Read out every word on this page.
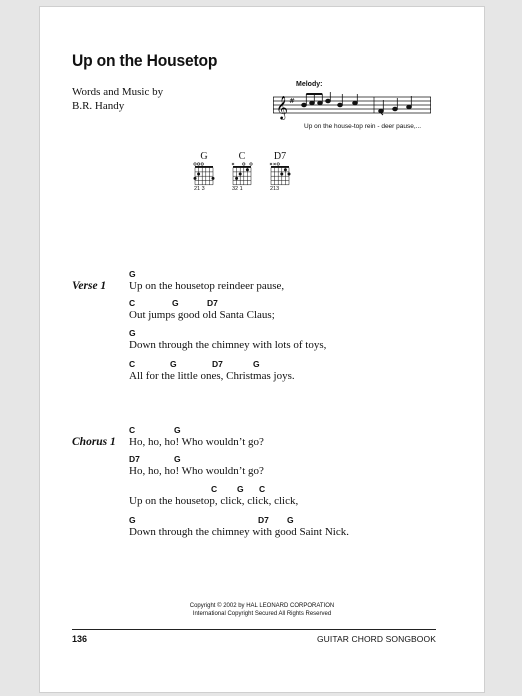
Up on the Housetop
Words and Music by
B.R. Handy
Melody:
𝄞 #
Up on the house-top rein - deer pause,...
G
21 3
C
32 1
D7
213
Verse 1
G
Up on the housetop reindeer pause,
C	G	D7
Out jumps good old Santa Claus;
G
Down through the chimney with lots of toys,
C	G	D7	G
All for the little ones, Christmas joys.
Chorus 1
C	G
Ho, ho, ho! Who wouldn’t go?
D7	G
Ho, ho, ho! Who wouldn’t go?
C G C
Up on the housetop, click, click, click,
G	D7 G
Down through the chimney with good Saint Nick.
Copyright © 2002 by HAL LEONARD CORPORATION
International Copyright Secured All Rights Reserved
136	GUITAR CHORD SONGBOOK
